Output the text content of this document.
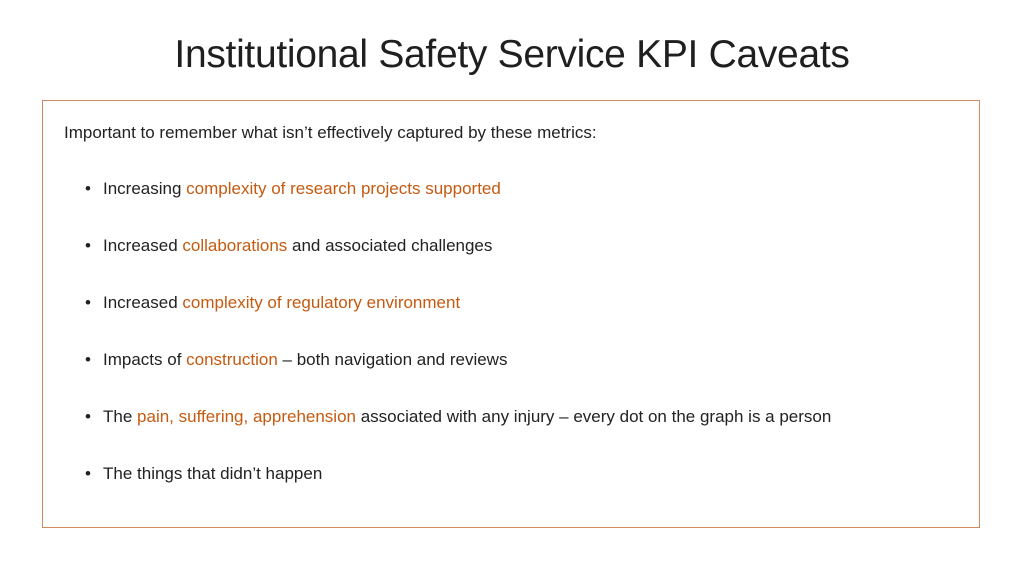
Institutional Safety Service KPI Caveats
Important to remember what isn’t effectively captured by these metrics:
• Increasing complexity of research projects supported
• Increased collaborations and associated challenges
• Increased complexity of regulatory environment
• Impacts of construction – both navigation and reviews
• The pain, suffering, apprehension associated with any injury – every dot on the graph is a person
• The things that didn’t happen
